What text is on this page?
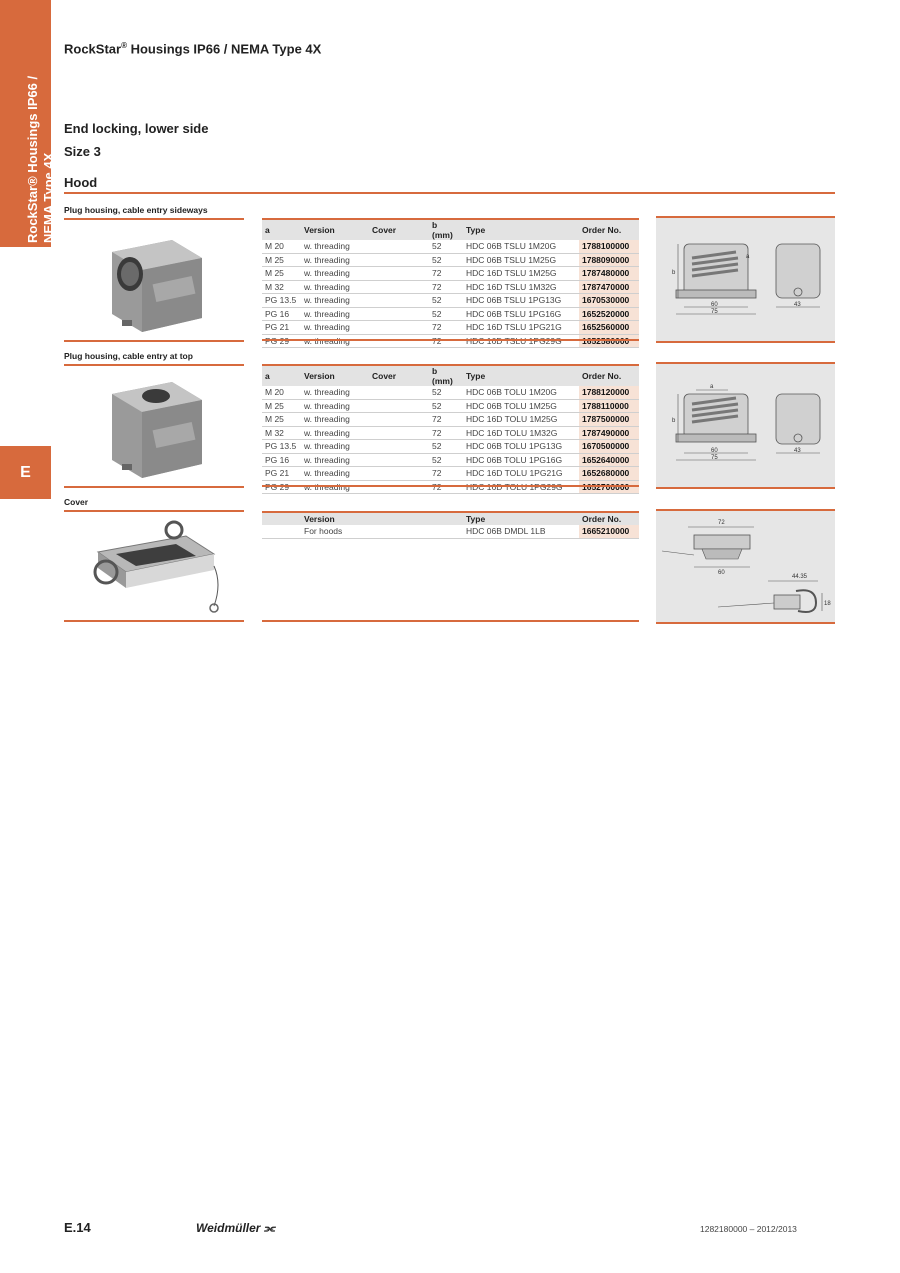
RockStar® Housings IP66 / NEMA Type 4X
E
RockStar® Housings IP66 / NEMA Type 4X
End locking, lower side
Size 3
Hood
Plug housing, cable entry sideways
a	Version	Cover	b (mm)	Type	Order No.
M 20	w. threading		52	HDC 06B TSLU 1M20G	1788100000
M 25	w. threading		52	HDC 06B TSLU 1M25G	1788090000
M 25	w. threading		72	HDC 16D TSLU 1M25G	1787480000
M 32	w. threading		72	HDC 16D TSLU 1M32G	1787470000
PG 13.5	w. threading		52	HDC 06B TSLU 1PG13G	1670530000
PG 16	w. threading		52	HDC 06B TSLU 1PG16G	1652520000
PG 21	w. threading		72	HDC 16D TSLU 1PG21G	1652560000
PG 29	w. threading		72	HDC 16D TSLU 1PG29G	1652580000
b
a
60
75
43
Plug housing, cable entry at top
a	Version	Cover	b (mm)	Type	Order No.
M 20	w. threading		52	HDC 06B TOLU 1M20G	1788120000
M 25	w. threading		52	HDC 06B TOLU 1M25G	1788110000
M 25	w. threading		72	HDC 16D TOLU 1M25G	1787500000
M 32	w. threading		72	HDC 16D TOLU 1M32G	1787490000
PG 13.5	w. threading		52	HDC 06B TOLU 1PG13G	1670500000
PG 16	w. threading		52	HDC 06B TOLU 1PG16G	1652640000
PG 21	w. threading		72	HDC 16D TOLU 1PG21G	1652680000
PG 29	w. threading		72	HDC 16D TOLU 1PG29G	1652700000
a
b
60
75
43
Cover
	Version			Type	Order No.
	For hoods			HDC 06B DMDL 1LB	1665210000
72
60
44.35
18
E.14	Weidmüller ⫘	1282180000 – 2012/2013
